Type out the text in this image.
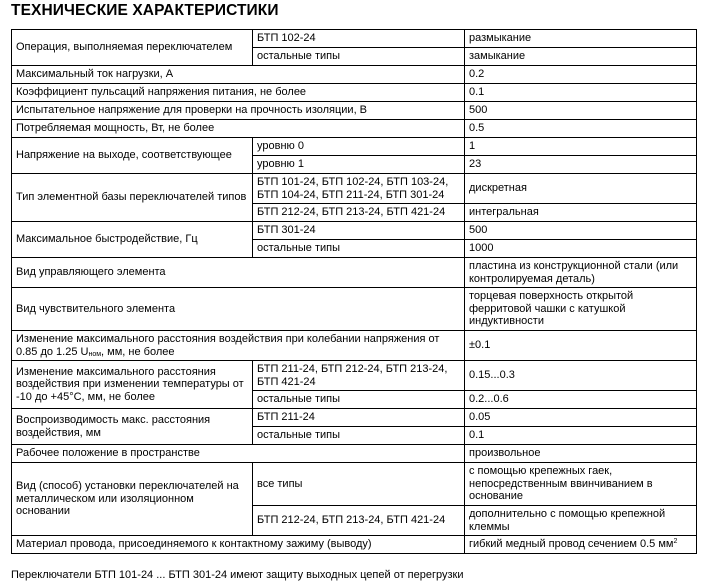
ТЕХНИЧЕСКИЕ ХАРАКТЕРИСТИКИ
Операция, выполняемая переключателем	БТП 102-24	размыкание
	остальные типы	замыкание
Максимальный ток нагрузки, А		0.2
Коэффициент пульсаций напряжения питания, не более		0.1
Испытательное напряжение для проверки на прочность изоляции, В		500
Потребляемая мощность, Вт, не более		0.5
Напряжение на выходе, соответствующее	уровню 0	1
	уровню 1	23
Тип элементной базы переключателей типов	БТП 101-24, БТП 102-24, БТП 103-24, БТП 104-24, БТП 211-24, БТП 301-24	дискретная
	БТП 212-24, БТП 213-24, БТП 421-24	интегральная
Максимальное быстродействие, Гц	БТП 301-24	500
	остальные типы	1000
Вид управляющего элемента		пластина из конструкционной стали (или контролируемая деталь)
Вид чувствительного элемента		торцевая поверхность открытой ферритовой чашки с катушкой индуктивности
Изменение максимального расстояния воздействия при колебании напряжения от 0.85 до 1.25 $U_{ном}$, мм, не более		±0.1
Изменение максимального расстояния воздействия при изменении температуры от -10 до +45°С, мм, не более	БТП 211-24, БТП 212-24, БТП 213-24, БТП 421-24	0.15...0.3
	остальные типы	0.2...0.6
Воспроизводимость макс. расстояния воздействия, мм	БТП 211-24	0.05
	остальные типы	0.1
Рабочее положение в пространстве		произвольное
Вид (способ) установки переключателей на металлическом или изоляционном основании	все типы	с помощью крепежных гаек, непосредственным ввинчиванием в основание
	БТП 212-24, БТП 213-24, БТП 421-24	дополнительно с помощью крепежной клеммы
Материал провода, присоединяемого к контактному зажиму (выводу)		гибкий медный провод сечением 0.5 $мм^2$
Переключатели БТП 101-24 ... БТП 301-24 имеют защиту выходных цепей от перегрузки
